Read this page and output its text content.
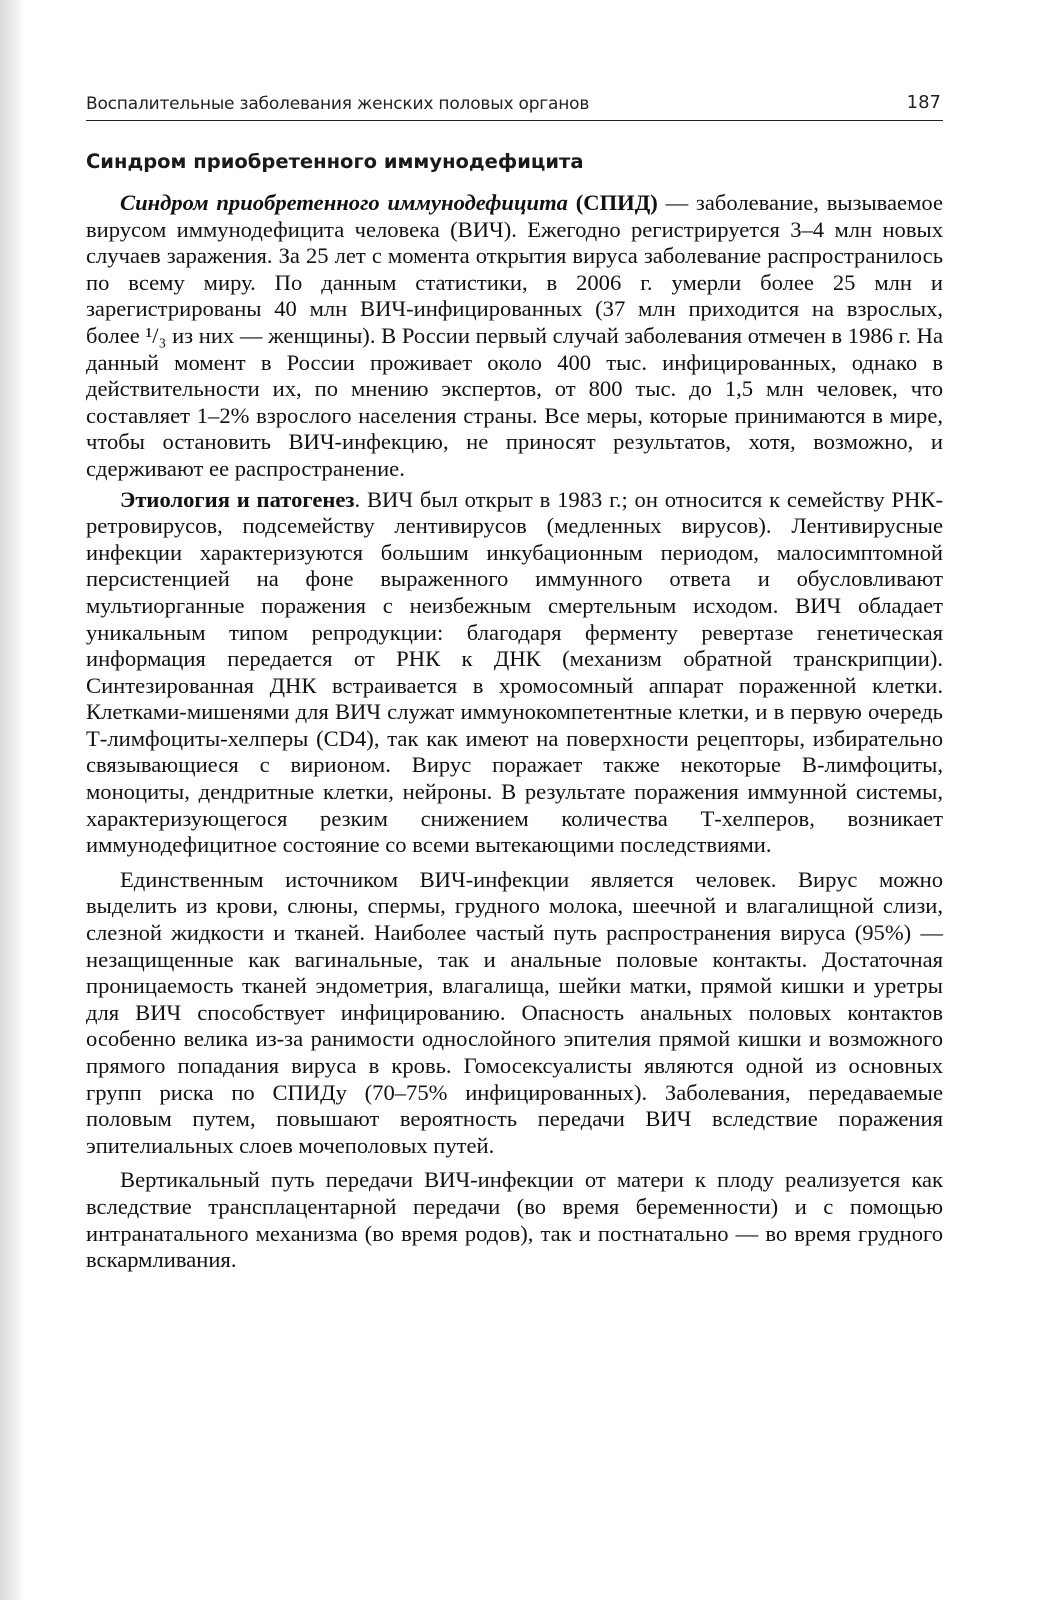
Воспалительные заболевания женских половых органов	187
Синдром приобретенного иммунодефицита

Синдром приобретенного иммунодефицита (СПИД) — заболевание, вызываемое вирусом иммунодефицита человека (ВИЧ). Ежегодно регистрируется 3–4 млн новых случаев заражения. За 25 лет с момента открытия вируса заболевание распространилось по всему миру. По данным статистики, в 2006 г. умерли более 25 млн и зарегистрированы 40 млн ВИЧ-инфицированных (37 млн приходится на взрослых, более ¹/₃ из них — женщины). В России первый случай заболевания отмечен в 1986 г. На данный момент в России проживает около 400 тыс. инфицированных, однако в действительности их, по мнению экспертов, от 800 тыс. до 1,5 млн человек, что составляет 1–2% взрослого населения страны. Все меры, которые принимаются в мире, чтобы остановить ВИЧ-инфекцию, не приносят результатов, хотя, возможно, и сдерживают ее распространение.

Этиология и патогенез. ВИЧ был открыт в 1983 г.; он относится к семейству РНК-ретровирусов, подсемейству лентивирусов (медленных вирусов). Лентивирусные инфекции характеризуются большим инкубационным периодом, малосимптомной персистенцией на фоне выраженного иммунного ответа и обусловливают мультиорганные поражения с неизбежным смертельным исходом. ВИЧ обладает уникальным типом репродукции: благодаря ферменту ревертазе генетическая информация передается от РНК к ДНК (механизм обратной транскрипции). Синтезированная ДНК встраивается в хромосомный аппарат пораженной клетки. Клетками-мишенями для ВИЧ служат иммунокомпетентные клетки, и в первую очередь Т-лимфоциты-хелперы (CD4), так как имеют на поверхности рецепторы, избирательно связывающиеся с вирионом. Вирус поражает также некоторые В-лимфоциты, моноциты, дендритные клетки, нейроны. В результате поражения иммунной системы, характеризующегося резким снижением количества Т-хелперов, возникает иммунодефицитное состояние со всеми вытекающими последствиями.

Единственным источником ВИЧ-инфекции является человек. Вирус можно выделить из крови, слюны, спермы, грудного молока, шеечной и влагалищной слизи, слезной жидкости и тканей. Наиболее частый путь распространения вируса (95%) — незащищенные как вагинальные, так и анальные половые контакты. Достаточная проницаемость тканей эндометрия, влагалища, шейки матки, прямой кишки и уретры для ВИЧ способствует инфицированию. Опасность анальных половых контактов особенно велика из-за ранимости однослойного эпителия прямой кишки и возможного прямого попадания вируса в кровь. Гомосексуалисты являются одной из основных групп риска по СПИДу (70–75% инфицированных). Заболевания, передаваемые половым путем, повышают вероятность передачи ВИЧ вследствие поражения эпителиальных слоев мочеполовых путей.

Вертикальный путь передачи ВИЧ-инфекции от матери к плоду реализуется как вследствие трансплацентарной передачи (во время беременности) и с помощью интранатального механизма (во время родов), так и постнатально — во время грудного вскармливания.
